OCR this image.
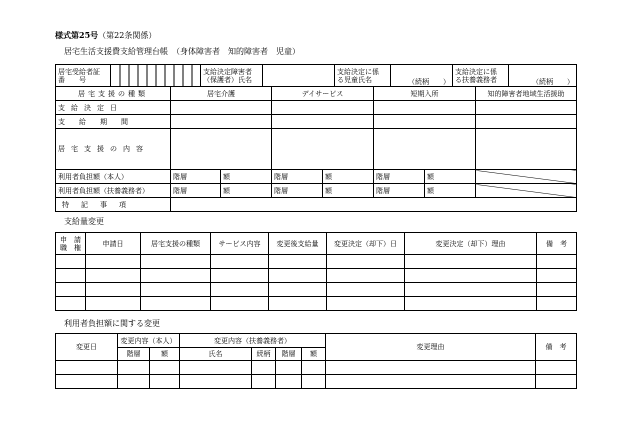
様式第25号（第22条関係）
居宅生活支援費支給管理台帳　 （身体障害者　知的障害者　児童）
居宅受給者証
番　　号

支給決定障害者
（保護者）氏名

支給決定に係
る児童氏名	（続柄　　）	
支給決定に係
る扶養義務者	（続柄　　）
居宅支援の種類	居宅介護		デイサービス		短期入所		知的障害者地域生活援助
支給決定日							
支給期間							
居宅支援の内容							
利用者負担額（本人）	階層	額	階層	額	階層	額	
利用者負担額（扶養義務者）	階層	額	階層	額	階層	額	
特記事項							
支給量変更
申　請
職　権	申請日	居宅支援の種類	サービス内容	変更後支給量	変更決定（却下）日	変更決定（却下）理由	備　考

利用者負担額に関する変更
変更日	変更内容（本人）		変更内容（扶養義務者）				変更理由	備　考
	階層	額	氏名	続柄	階層	額		
